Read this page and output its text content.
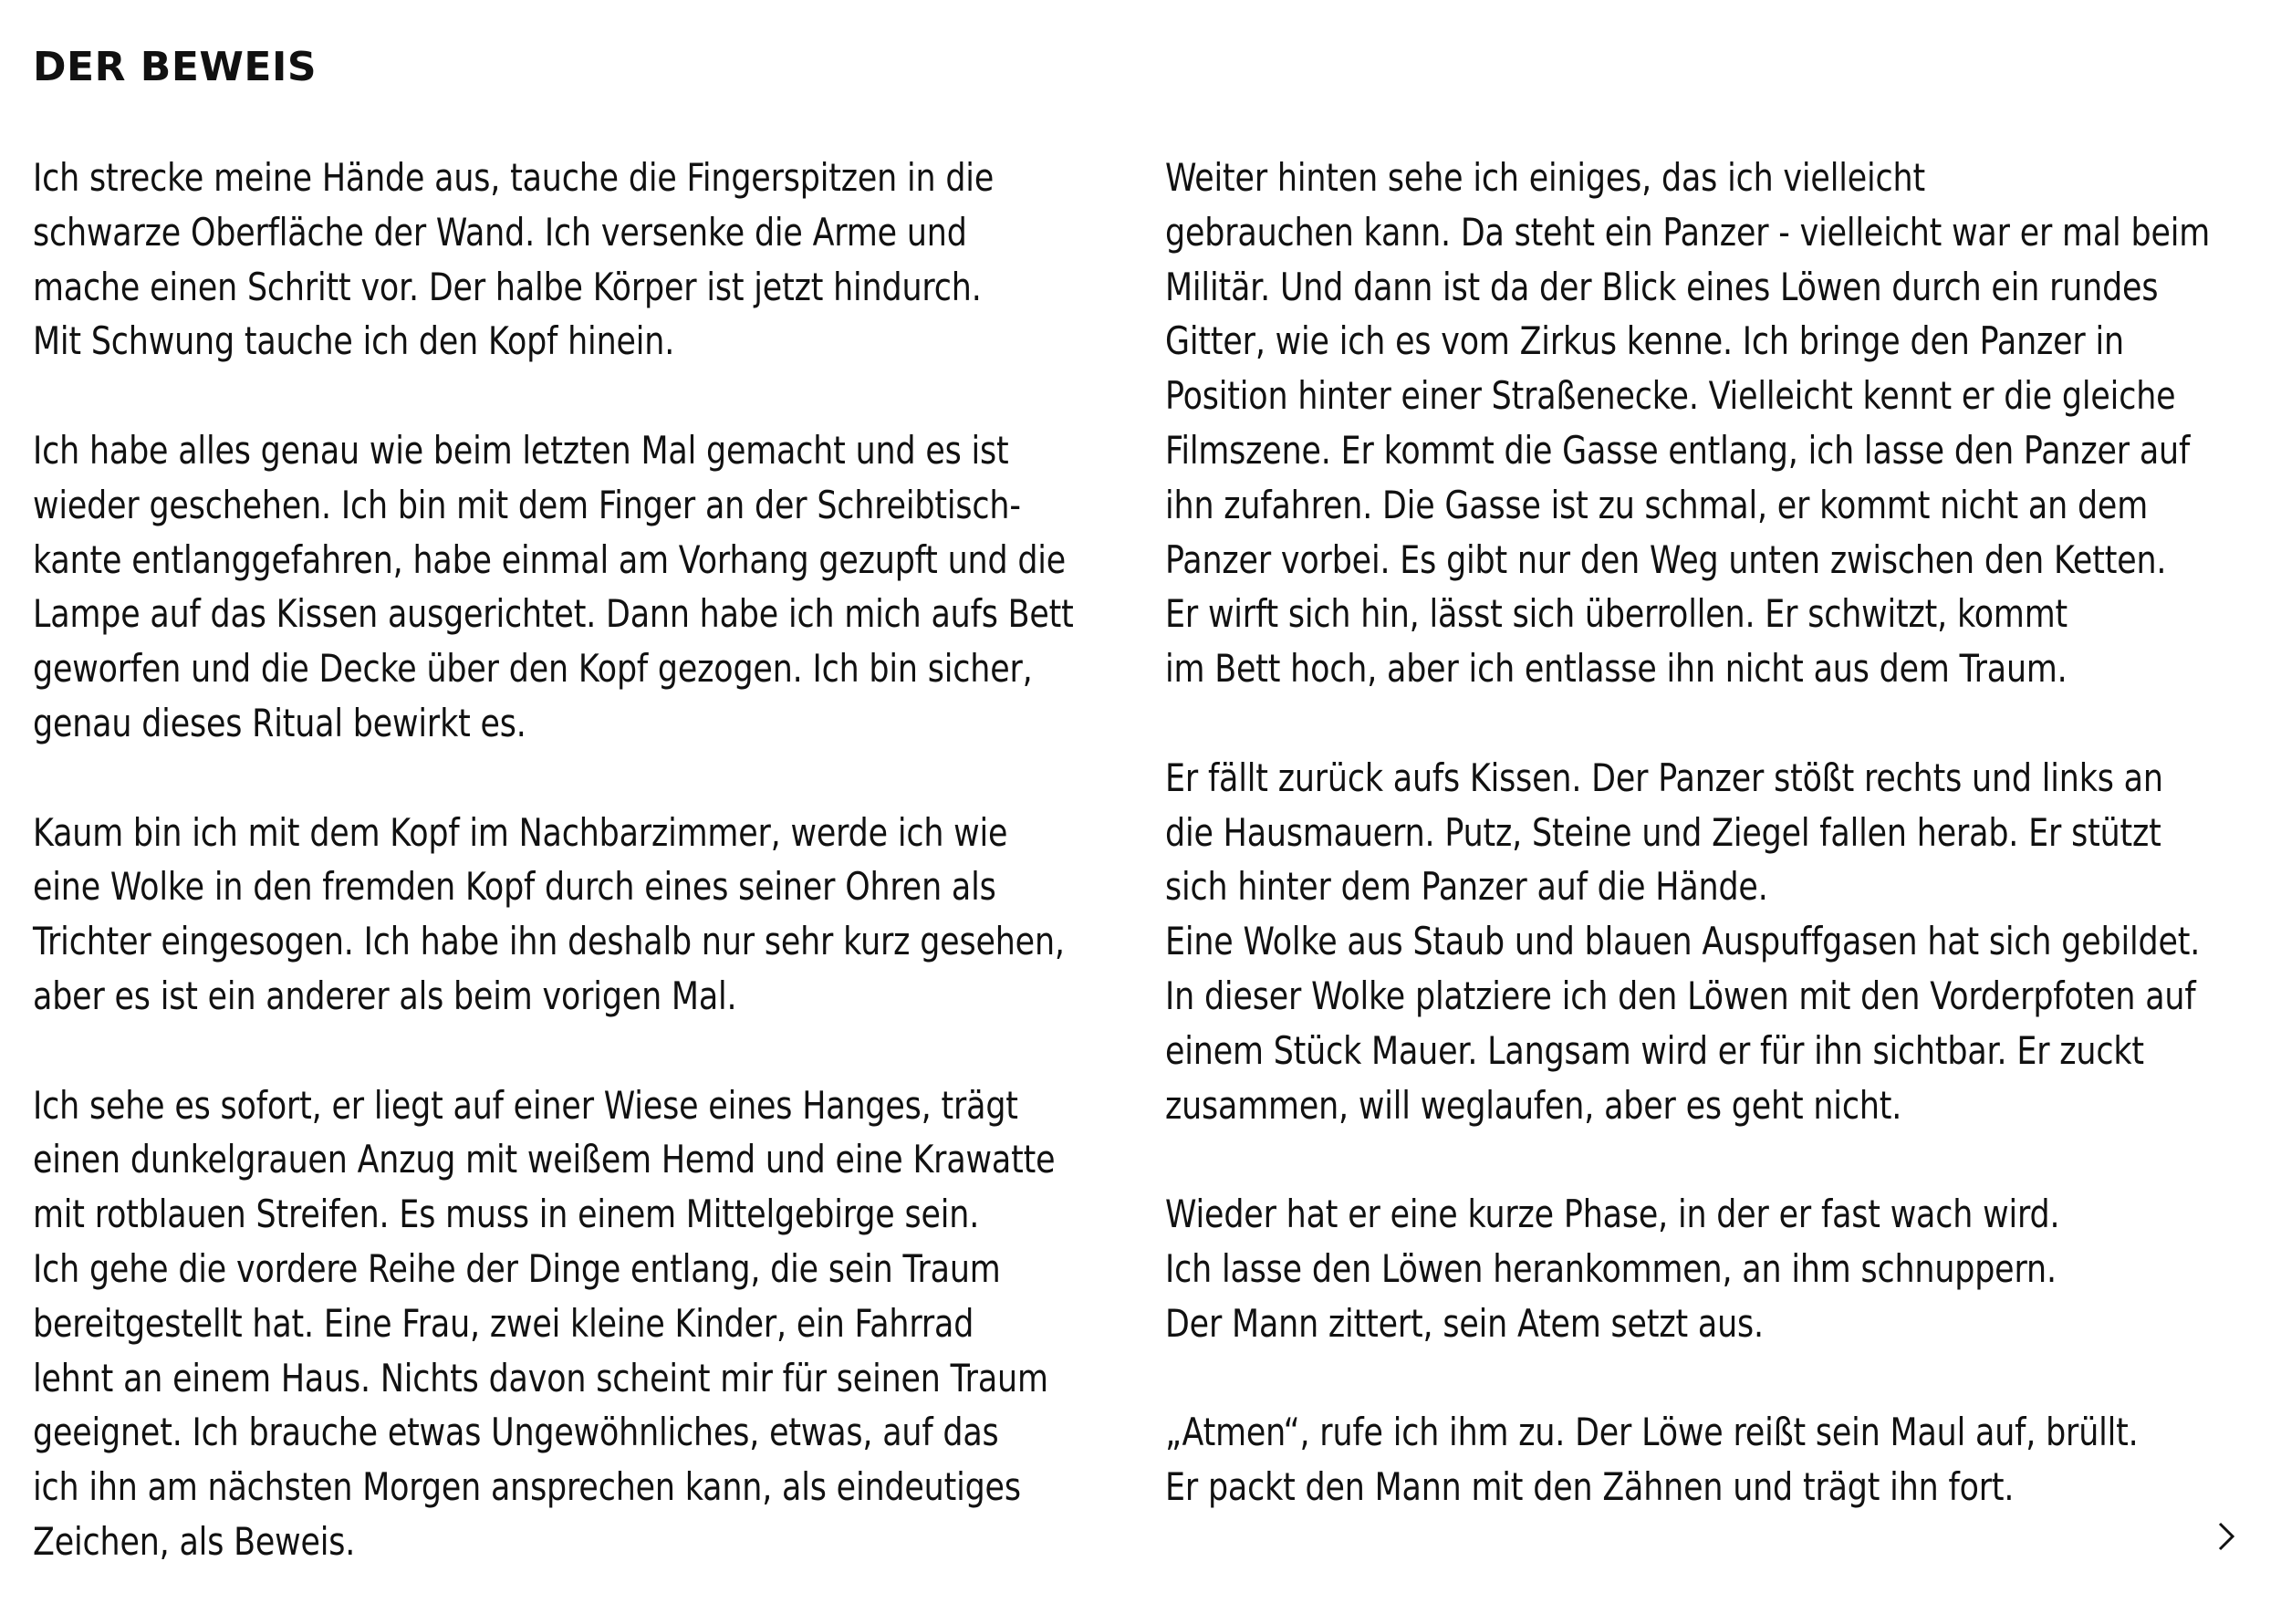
DER BEWEIS

Ich strecke meine Hände aus, tauche die Fingerspitzen in die
schwarze Oberfläche der Wand. Ich versenke die Arme und
mache einen Schritt vor. Der halbe Körper ist jetzt hindurch.
Mit Schwung tauche ich den Kopf hinein.

Ich habe alles genau wie beim letzten Mal gemacht und es ist
wieder geschehen. Ich bin mit dem Finger an der Schreibtisch-
kante entlanggefahren, habe einmal am Vorhang gezupft und die
Lampe auf das Kissen ausgerichtet. Dann habe ich mich aufs Bett
geworfen und die Decke über den Kopf gezogen. Ich bin sicher,
genau dieses Ritual bewirkt es.

Kaum bin ich mit dem Kopf im Nachbarzimmer, werde ich wie
eine Wolke in den fremden Kopf durch eines seiner Ohren als
Trichter eingesogen. Ich habe ihn deshalb nur sehr kurz gesehen,
aber es ist ein anderer als beim vorigen Mal.

Ich sehe es sofort, er liegt auf einer Wiese eines Hanges, trägt
einen dunkelgrauen Anzug mit weißem Hemd und eine Krawatte
mit rotblauen Streifen. Es muss in einem Mittelgebirge sein.
Ich gehe die vordere Reihe der Dinge entlang, die sein Traum
bereitgestellt hat. Eine Frau, zwei kleine Kinder, ein Fahrrad
lehnt an einem Haus. Nichts davon scheint mir für seinen Traum
geeignet. Ich brauche etwas Ungewöhnliches, etwas, auf das
ich ihn am nächsten Morgen ansprechen kann, als eindeutiges
Zeichen, als Beweis.

Weiter hinten sehe ich einiges, das ich vielleicht
gebrauchen kann. Da steht ein Panzer - vielleicht war er mal beim
Militär. Und dann ist da der Blick eines Löwen durch ein rundes
Gitter, wie ich es vom Zirkus kenne. Ich bringe den Panzer in
Position hinter einer Straßenecke. Vielleicht kennt er die gleiche
Filmszene. Er kommt die Gasse entlang, ich lasse den Panzer auf
ihn zufahren. Die Gasse ist zu schmal, er kommt nicht an dem
Panzer vorbei. Es gibt nur den Weg unten zwischen den Ketten.
Er wirft sich hin, lässt sich überrollen. Er schwitzt, kommt
im Bett hoch, aber ich entlasse ihn nicht aus dem Traum.

Er fällt zurück aufs Kissen. Der Panzer stößt rechts und links an
die Hausmauern. Putz, Steine und Ziegel fallen herab. Er stützt
sich hinter dem Panzer auf die Hände.
Eine Wolke aus Staub und blauen Auspuffgasen hat sich gebildet.
In dieser Wolke platziere ich den Löwen mit den Vorderpfoten auf
einem Stück Mauer. Langsam wird er für ihn sichtbar. Er zuckt
zusammen, will weglaufen, aber es geht nicht.

Wieder hat er eine kurze Phase, in der er fast wach wird.
Ich lasse den Löwen herankommen, an ihm schnuppern.
Der Mann zittert, sein Atem setzt aus.

„Atmen“, rufe ich ihm zu. Der Löwe reißt sein Maul auf, brüllt.
Er packt den Mann mit den Zähnen und trägt ihn fort.
